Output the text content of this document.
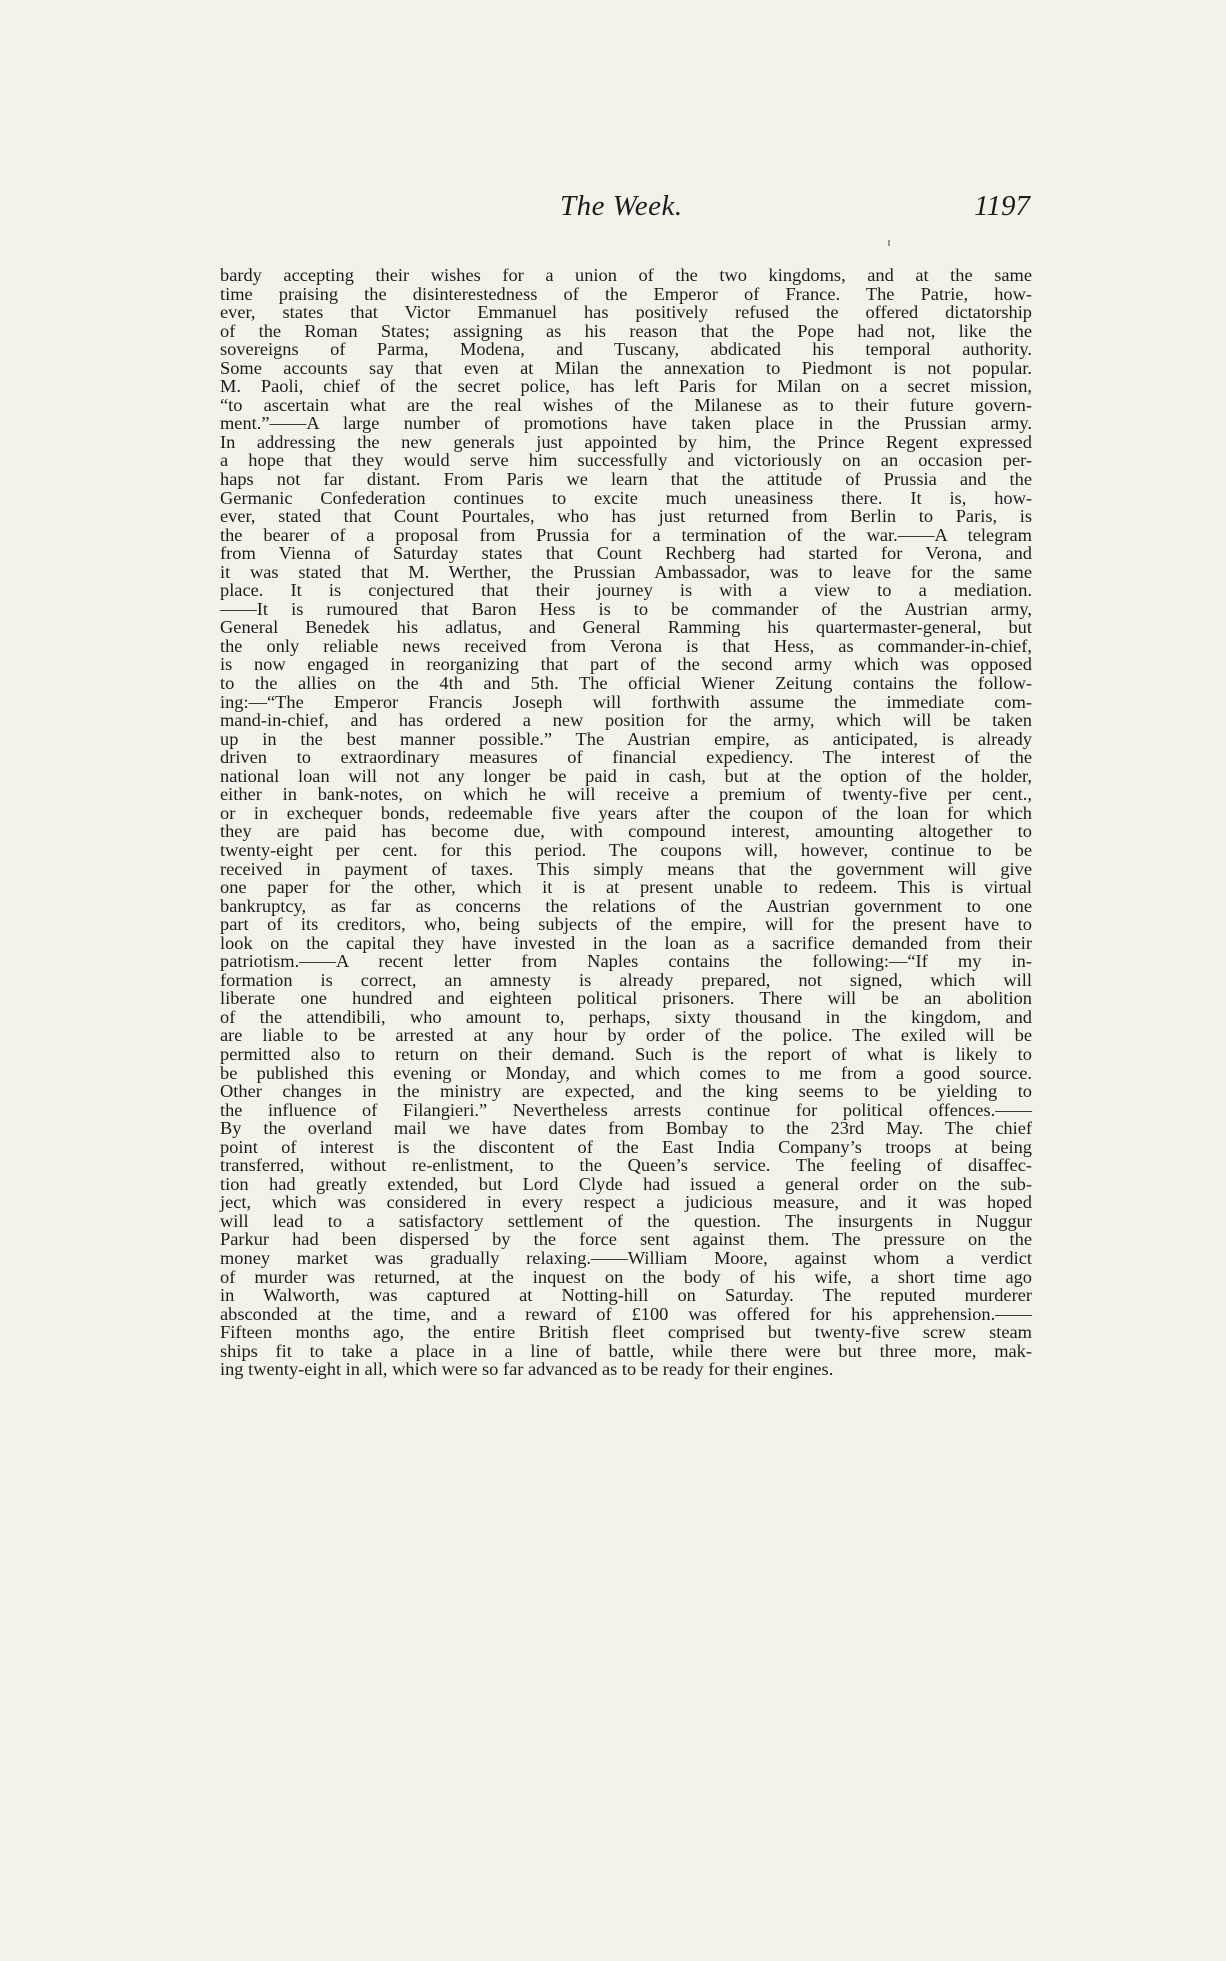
The Week.	1197
bardy accepting their wishes for a union of the two kingdoms, and at the same
time praising the disinterestedness of the Emperor of France. The Patrie, how-
ever, states that Victor Emmanuel has positively refused the offered dictatorship
of the Roman States; assigning as his reason that the Pope had not, like the
sovereigns of Parma, Modena, and Tuscany, abdicated his temporal authority.
Some accounts say that even at Milan the annexation to Piedmont is not popular.
M. Paoli, chief of the secret police, has left Paris for Milan on a secret mission,
“to ascertain what are the real wishes of the Milanese as to their future govern-
ment.”——A large number of promotions have taken place in the Prussian army.
In addressing the new generals just appointed by him, the Prince Regent expressed
a hope that they would serve him successfully and victoriously on an occasion per-
haps not far distant. From Paris we learn that the attitude of Prussia and the
Germanic Confederation continues to excite much uneasiness there. It is, how-
ever, stated that Count Pourtales, who has just returned from Berlin to Paris, is
the bearer of a proposal from Prussia for a termination of the war.——A telegram
from Vienna of Saturday states that Count Rechberg had started for Verona, and
it was stated that M. Werther, the Prussian Ambassador, was to leave for the same
place. It is conjectured that their journey is with a view to a mediation.
——It is rumoured that Baron Hess is to be commander of the Austrian army,
General Benedek his adlatus, and General Ramming his quartermaster-general, but
the only reliable news received from Verona is that Hess, as commander-in-chief,
is now engaged in reorganizing that part of the second army which was opposed
to the allies on the 4th and 5th. The official Wiener Zeitung contains the follow-
ing:—“The Emperor Francis Joseph will forthwith assume the immediate com-
mand-in-chief, and has ordered a new position for the army, which will be taken
up in the best manner possible.” The Austrian empire, as anticipated, is already
driven to extraordinary measures of financial expediency. The interest of the
national loan will not any longer be paid in cash, but at the option of the holder,
either in bank-notes, on which he will receive a premium of twenty-five per cent.,
or in exchequer bonds, redeemable five years after the coupon of the loan for which
they are paid has become due, with compound interest, amounting altogether to
twenty-eight per cent. for this period. The coupons will, however, continue to be
received in payment of taxes. This simply means that the government will give
one paper for the other, which it is at present unable to redeem. This is virtual
bankruptcy, as far as concerns the relations of the Austrian government to one
part of its creditors, who, being subjects of the empire, will for the present have to
look on the capital they have invested in the loan as a sacrifice demanded from their
patriotism.——A recent letter from Naples contains the following:—“If my in-
formation is correct, an amnesty is already prepared, not signed, which will
liberate one hundred and eighteen political prisoners. There will be an abolition
of the attendibili, who amount to, perhaps, sixty thousand in the kingdom, and
are liable to be arrested at any hour by order of the police. The exiled will be
permitted also to return on their demand. Such is the report of what is likely to
be published this evening or Monday, and which comes to me from a good source.
Other changes in the ministry are expected, and the king seems to be yielding to
the influence of Filangieri.” Nevertheless arrests continue for political offences.——
By the overland mail we have dates from Bombay to the 23rd May. The chief
point of interest is the discontent of the East India Company’s troops at being
transferred, without re-enlistment, to the Queen’s service. The feeling of disaffec-
tion had greatly extended, but Lord Clyde had issued a general order on the sub-
ject, which was considered in every respect a judicious measure, and it was hoped
will lead to a satisfactory settlement of the question. The insurgents in Nuggur
Parkur had been dispersed by the force sent against them. The pressure on the
money market was gradually relaxing.——William Moore, against whom a verdict
of murder was returned, at the inquest on the body of his wife, a short time ago
in Walworth, was captured at Notting-hill on Saturday. The reputed murderer
absconded at the time, and a reward of £100 was offered for his apprehension.——
Fifteen months ago, the entire British fleet comprised but twenty-five screw steam
ships fit to take a place in a line of battle, while there were but three more, mak-
ing twenty-eight in all, which were so far advanced as to be ready for their engines.
